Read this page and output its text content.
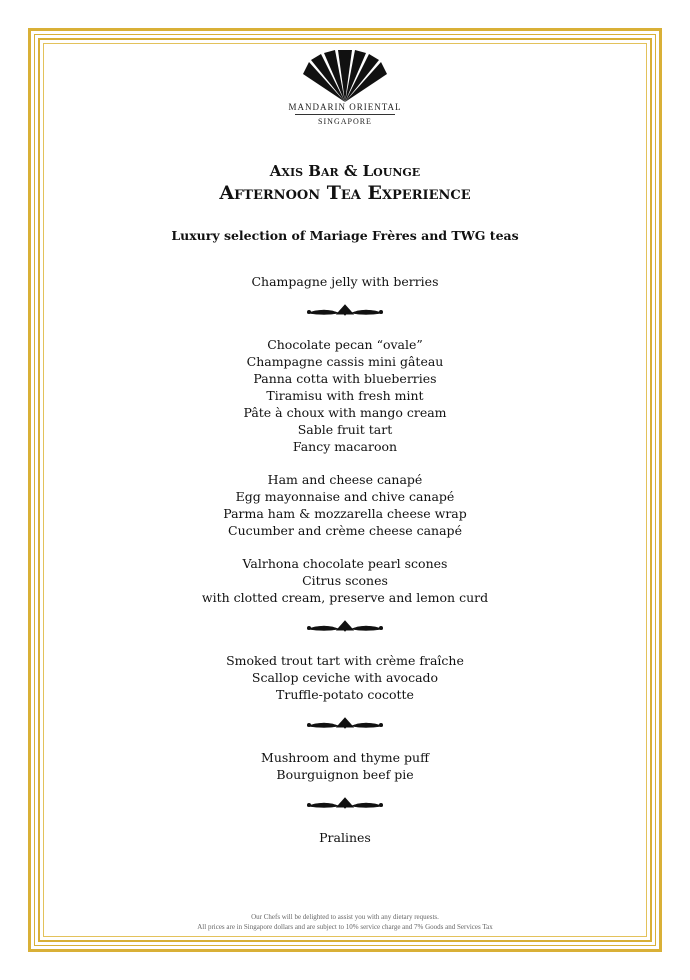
MANDARIN ORIENTAL
SINGAPORE
Axis Bar & Lounge
Afternoon Tea Experience
Luxury selection of Mariage Frères and TWG teas
Champagne jelly with berries
Chocolate pecan “ovale”
Champagne cassis mini gâteau
Panna cotta with blueberries
Tiramisu with fresh mint
Pâte à choux with mango cream
Sable fruit tart
Fancy macaroon
Ham and cheese canapé
Egg mayonnaise and chive canapé
Parma ham & mozzarella cheese wrap
Cucumber and crème cheese canapé
Valrhona chocolate pearl scones
Citrus scones
with clotted cream, preserve and lemon curd
Smoked trout tart with crème fraîche
Scallop ceviche with avocado
Truffle-potato cocotte
Mushroom and thyme puff
Bourguignon beef pie
Pralines
Our Chefs will be delighted to assist you with any dietary requests.
All prices are in Singapore dollars and are subject to 10% service charge and 7% Goods and Services Tax
